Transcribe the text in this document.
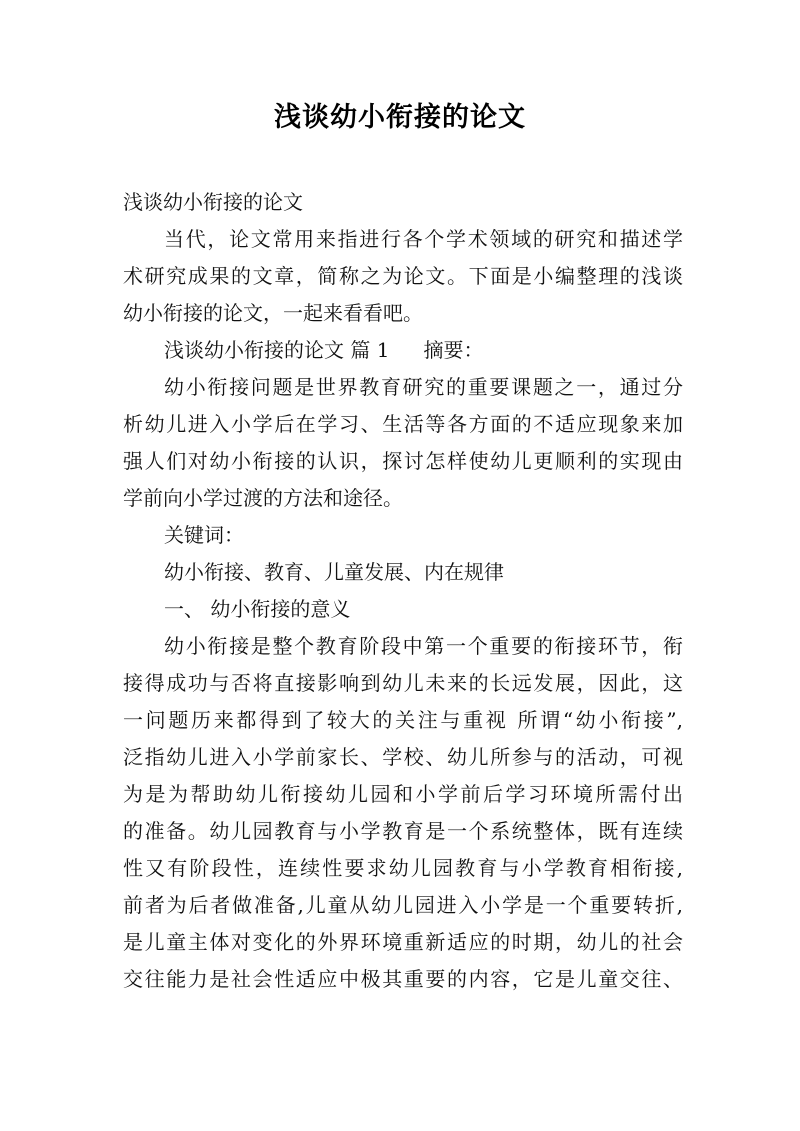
浅谈幼小衔接的论文
浅谈幼小衔接的论文
当代，论文常用来指进行各个学术领域的研究和描述学
术研究成果的文章，简称之为论文。下面是小编整理的浅谈
幼小衔接的论文，一起来看看吧。
浅谈幼小衔接的论文 篇 1 摘要：
幼小衔接问题是世界教育研究的重要课题之一，通过分
析幼儿进入小学后在学习、生活等各方面的不适应现象来加
强人们对幼小衔接的认识，探讨怎样使幼儿更顺利的实现由
学前向小学过渡的方法和途径。
关键词：
幼小衔接、教育、儿童发展、内在规律
一、 幼小衔接的意义
幼小衔接是整个教育阶段中第一个重要的衔接环节，衔
接得成功与否将直接影响到幼儿未来的长远发展，因此，这
一问题历来都得到了较大的关注与重视 所谓“幼小衔接”,
泛指幼儿进入小学前家长、学校、幼儿所参与的活动，可视
为是为帮助幼儿衔接幼儿园和小学前后学习环境所需付出
的准备。幼儿园教育与小学教育是一个系统整体，既有连续
性又有阶段性，连续性要求幼儿园教育与小学教育相衔接,
前者为后者做准备,儿童从幼儿园进入小学是一个重要转折,
是儿童主体对变化的外界环境重新适应的时期，幼儿的社会
交往能力是社会性适应中极其重要的内容，它是儿童交往、
